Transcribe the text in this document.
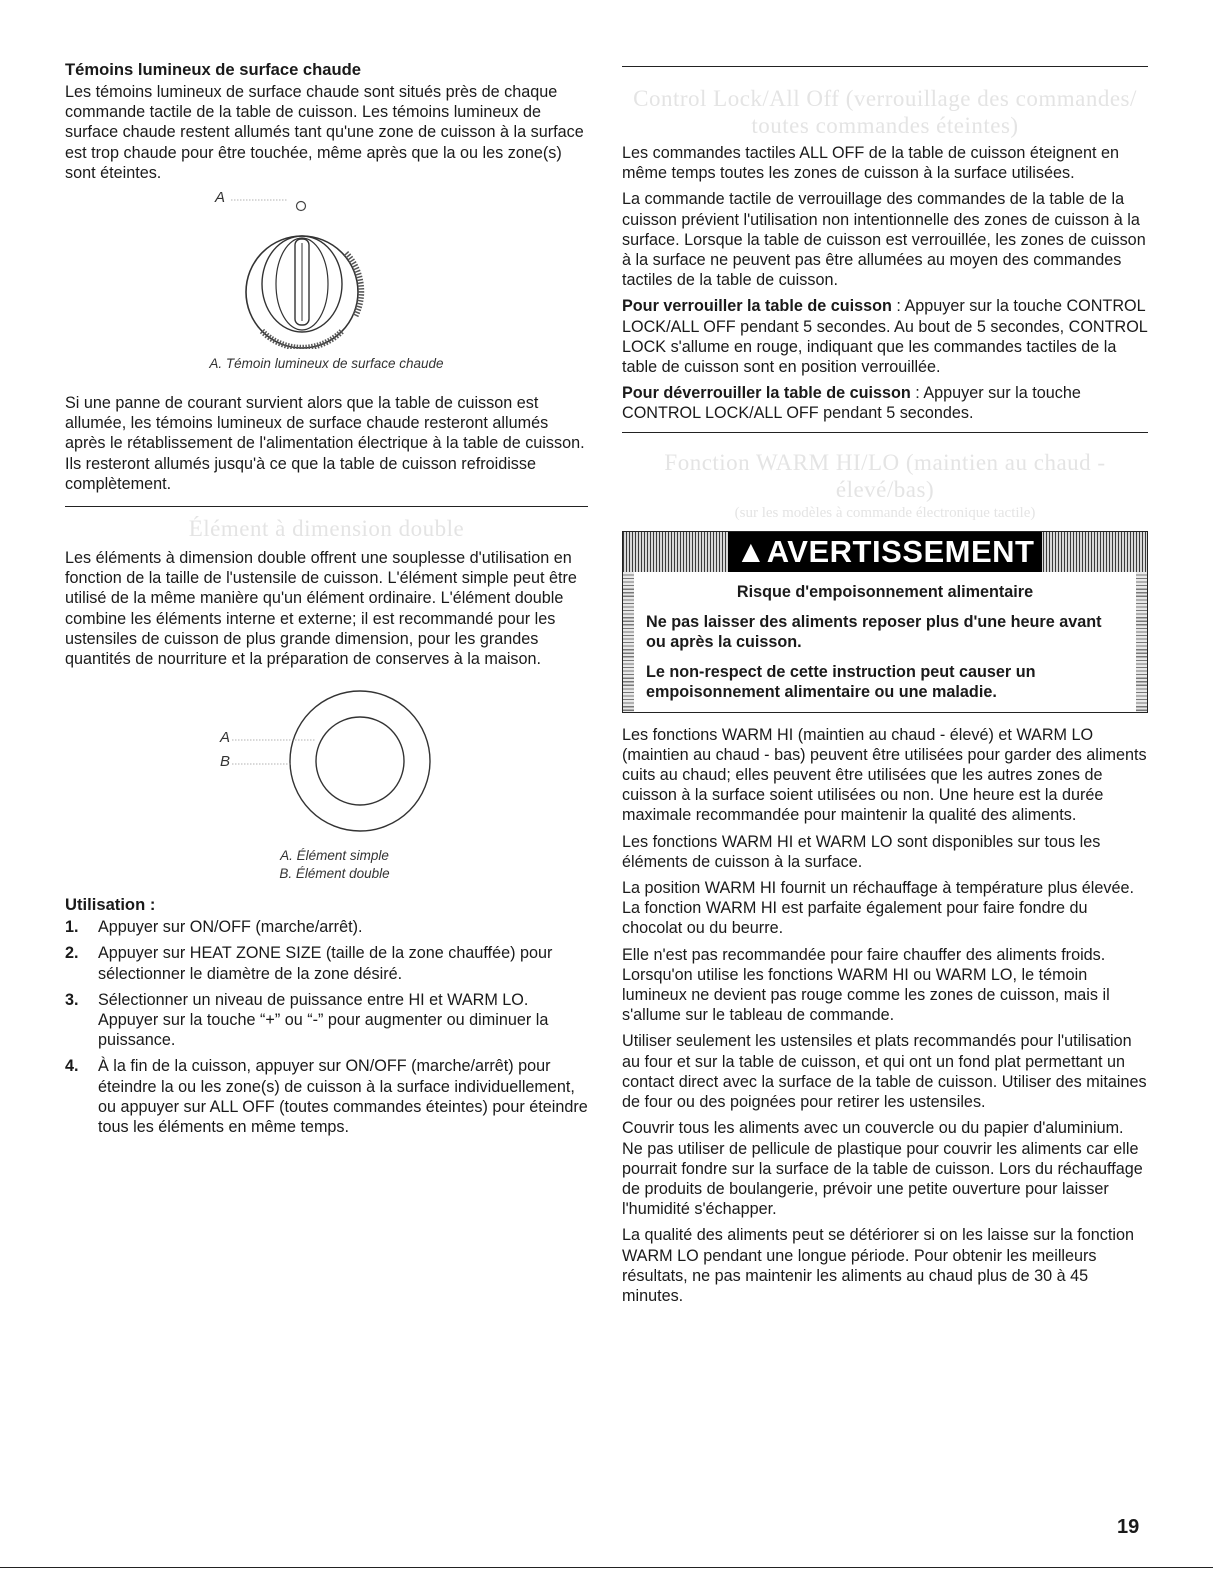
Témoins lumineux de surface chaude

Les témoins lumineux de surface chaude sont situés près de chaque commande tactile de la table de cuisson. Les témoins lumineux de surface chaude restent allumés tant qu'une zone de cuisson à la surface est trop chaude pour être touchée, même après que la ou les zone(s) sont éteintes.

A
A. Témoin lumineux de surface chaude

Si une panne de courant survient alors que la table de cuisson est allumée, les témoins lumineux de surface chaude resteront allumés après le rétablissement de l'alimentation électrique à la table de cuisson. Ils resteront allumés jusqu'à ce que la table de cuisson refroidisse complètement.

Élément à dimension double

Les éléments à dimension double offrent une souplesse d'utilisation en fonction de la taille de l'ustensile de cuisson. L'élément simple peut être utilisé de la même manière qu'un élément ordinaire. L'élément double combine les éléments interne et externe; il est recommandé pour les ustensiles de cuisson de plus grande dimension, pour les grandes quantités de nourriture et la préparation de conserves à la maison.

A
B
A. Élément simple
B. Élément double
Utilisation :
1. Appuyer sur ON/OFF (marche/arrêt).
2. Appuyer sur HEAT ZONE SIZE (taille de la zone chauffée) pour sélectionner le diamètre de la zone désiré.
3. Sélectionner un niveau de puissance entre HI et WARM LO. Appuyer sur la touche “+” ou “-” pour augmenter ou diminuer la puissance.
4. À la fin de la cuisson, appuyer sur ON/OFF (marche/arrêt) pour éteindre la ou les zone(s) de cuisson à la surface individuellement, ou appuyer sur ALL OFF (toutes commandes éteintes) pour éteindre tous les éléments en même temps.
Control Lock/All Off (verrouillage des commandes/
toutes commandes éteintes)

Les commandes tactiles ALL OFF de la table de cuisson éteignent en même temps toutes les zones de cuisson à la surface utilisées.

La commande tactile de verrouillage des commandes de la table de la cuisson prévient l'utilisation non intentionnelle des zones de cuisson à la surface. Lorsque la table de cuisson est verrouillée, les zones de cuisson à la surface ne peuvent pas être allumées au moyen des commandes tactiles de la table de cuisson.

Pour verrouiller la table de cuisson : Appuyer sur la touche CONTROL LOCK/ALL OFF pendant 5 secondes. Au bout de 5 secondes, CONTROL LOCK s'allume en rouge, indiquant que les commandes tactiles de la table de cuisson sont en position verrouillée.

Pour déverrouiller la table de cuisson : Appuyer sur la touche CONTROL LOCK/ALL OFF pendant 5 secondes.

Fonction WARM HI/LO (maintien au chaud - élevé/bas)
(sur les modèles à commande électronique tactile)
▲AVERTISSEMENT

Risque d'empoisonnement alimentaire

Ne pas laisser des aliments reposer plus d'une heure avant ou après la cuisson.

Le non-respect de cette instruction peut causer un empoisonnement alimentaire ou une maladie.

Les fonctions WARM HI (maintien au chaud - élevé) et WARM LO (maintien au chaud - bas) peuvent être utilisées pour garder des aliments cuits au chaud; elles peuvent être utilisées que les autres zones de cuisson à la surface soient utilisées ou non. Une heure est la durée maximale recommandée pour maintenir la qualité des aliments.

Les fonctions WARM HI et WARM LO sont disponibles sur tous les éléments de cuisson à la surface.

La position WARM HI fournit un réchauffage à température plus élevée. La fonction WARM HI est parfaite également pour faire fondre du chocolat ou du beurre.

Elle n'est pas recommandée pour faire chauffer des aliments froids. Lorsqu'on utilise les fonctions WARM HI ou WARM LO, le témoin lumineux ne devient pas rouge comme les zones de cuisson, mais il s'allume sur le tableau de commande.

Utiliser seulement les ustensiles et plats recommandés pour l'utilisation au four et sur la table de cuisson, et qui ont un fond plat permettant un contact direct avec la surface de la table de cuisson. Utiliser des mitaines de four ou des poignées pour retirer les ustensiles.

Couvrir tous les aliments avec un couvercle ou du papier d'aluminium. Ne pas utiliser de pellicule de plastique pour couvrir les aliments car elle pourrait fondre sur la surface de la table de cuisson. Lors du réchauffage de produits de boulangerie, prévoir une petite ouverture pour laisser l'humidité s'échapper.

La qualité des aliments peut se détériorer si on les laisse sur la fonction WARM LO pendant une longue période. Pour obtenir les meilleurs résultats, ne pas maintenir les aliments au chaud plus de 30 à 45 minutes.

19
